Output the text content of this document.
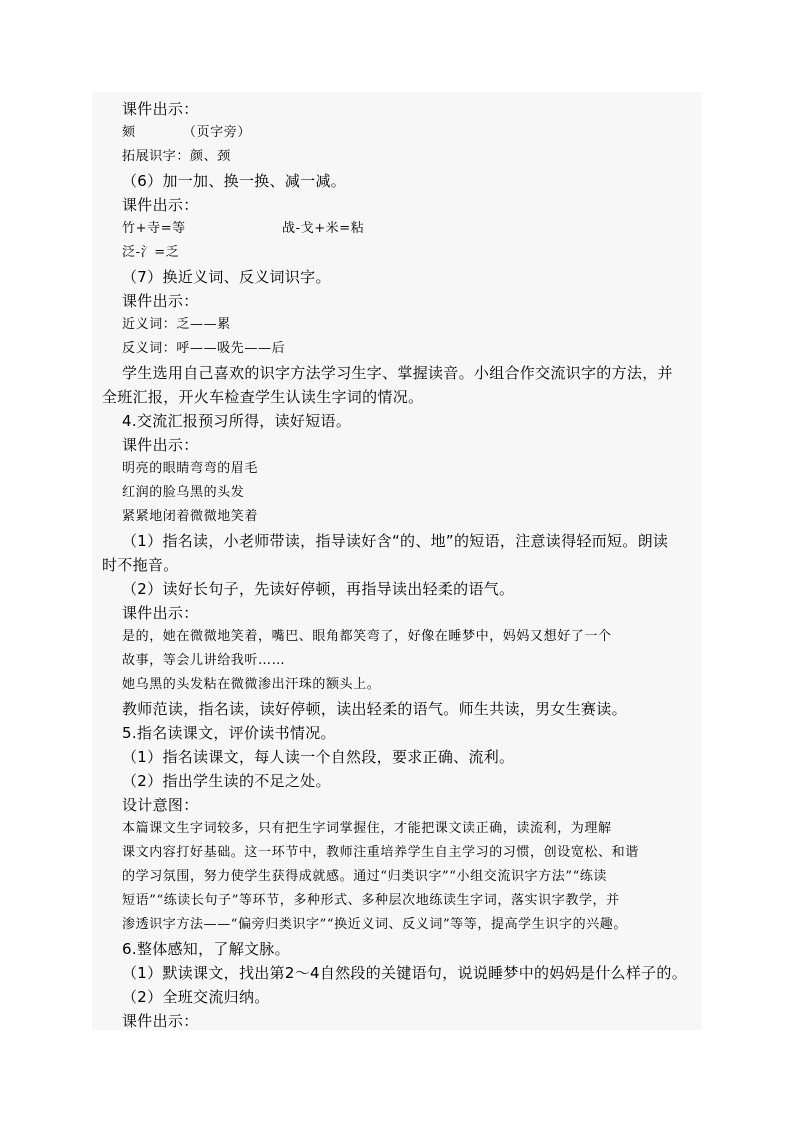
课件出示：
颏          （页字旁）
拓展识字：颜、颈
（6）加一加、换一换、减一减。
课件出示：
竹+寺=等	战-戈+米=粘
泛-氵=乏
（7）换近义词、反义词识字。
课件出示：
近义词：乏——累
反义词：呼——吸先——后
学生选用自己喜欢的识字方法学习生字、掌握读音。小组合作交流识字的方法，并
全班汇报，开火车检查学生认读生字词的情况。
4.交流汇报预习所得，读好短语。
课件出示：
明亮的眼睛弯弯的眉毛
红润的脸乌黑的头发
紧紧地闭着微微地笑着
（1）指名读，小老师带读，指导读好含“的、地”的短语，注意读得轻而短。朗读
时不拖音。
（2）读好长句子，先读好停顿，再指导读出轻柔的语气。
课件出示：
是的，她在微微地笑着，嘴巴、眼角都笑弯了，好像在睡梦中，妈妈又想好了一个
故事，等会儿讲给我听……
她乌黑的头发粘在微微渗出汗珠的额头上。
教师范读，指名读，读好停顿，读出轻柔的语气。师生共读，男女生赛读。
5.指名读课文，评价读书情况。
（1）指名读课文，每人读一个自然段，要求正确、流利。
（2）指出学生读的不足之处。
设计意图：
本篇课文生字词较多，只有把生字词掌握住，才能把课文读正确，读流利，为理解
课文内容打好基础。这一环节中，教师注重培养学生自主学习的习惯，创设宽松、和谐
的学习氛围，努力使学生获得成就感。通过“归类识字”“小组交流识字方法”“练读
短语”“练读长句子”等环节，多种形式、多种层次地练读生字词，落实识字教学，并
渗透识字方法——“偏旁归类识字”“换近义词、反义词”等等，提高学生识字的兴趣。
6.整体感知，了解文脉。
（1）默读课文，找出第2～4自然段的关键语句，说说睡梦中的妈妈是什么样子的。
（2）全班交流归纳。
课件出示：
